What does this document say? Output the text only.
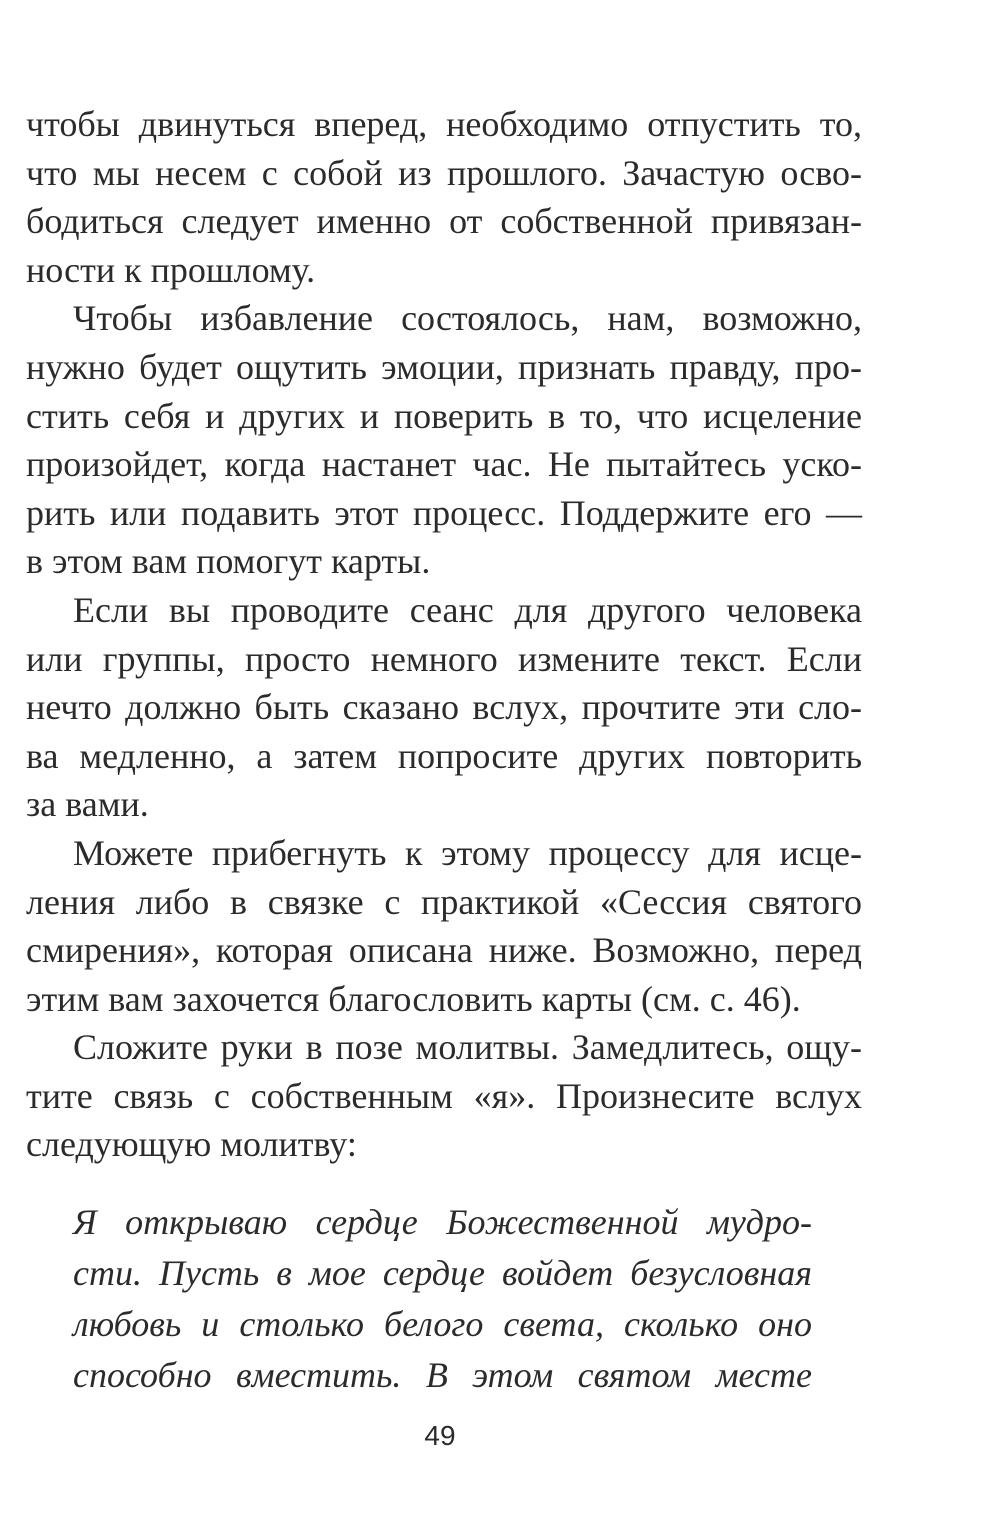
чтобы двинуться вперед, необходимо отпустить то,
что мы несем с собой из прошлого. Зачастую осво-
бодиться следует именно от собственной привязан-
ности к прошлому.
Чтобы избавление состоялось, нам, возможно,
нужно будет ощутить эмоции, признать правду, про-
стить себя и других и поверить в то, что исцеление
произойдет, когда настанет час. Не пытайтесь уско-
рить или подавить этот процесс. Поддержите его —
в этом вам помогут карты.
Если вы проводите сеанс для другого человека
или группы, просто немного измените текст. Если
нечто должно быть сказано вслух, прочтите эти сло-
ва медленно, а затем попросите других повторить
за вами.
Можете прибегнуть к этому процессу для исце-
ления либо в связке с практикой «Сессия святого
смирения», которая описана ниже. Возможно, перед
этим вам захочется благословить карты (см. с. 46).
Сложите руки в позе молитвы. Замедлитесь, ощу-
тите связь с собственным «я». Произнесите вслух
следующую молитву:
Я открываю сердце Божественной мудро-
сти. Пусть в мое сердце войдет безусловная
любовь и столько белого света, сколько оно
способно вместить. В этом святом месте
49
